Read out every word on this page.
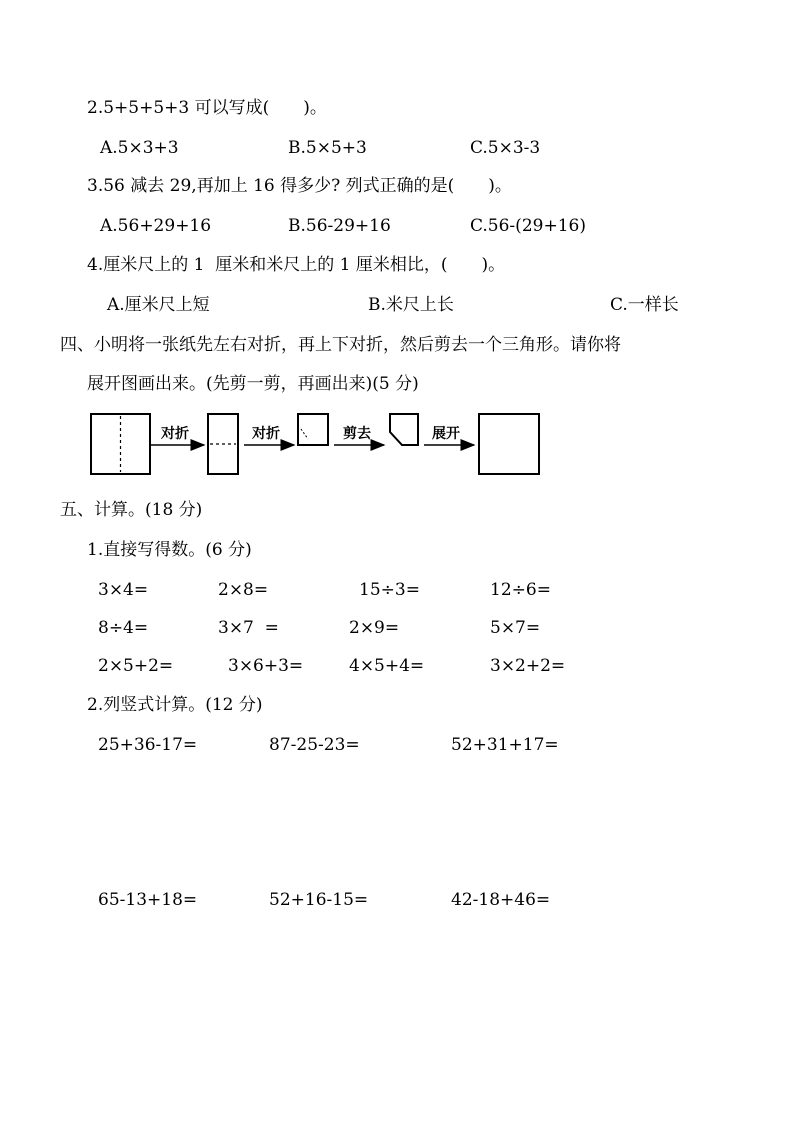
2.5+5+5+3 可以写成(　　)。
A.5×3+3	B.5×5+3	C.5×3-3
3.56 减去 29,再加上 16 得多少? 列式正确的是(　　)。
A.56+29+16	B.56-29+16	C.56-(29+16)
4.厘米尺上的 1  厘米和米尺上的 1 厘米相比，(　　)。
A.厘米尺上短	B.米尺上长	C.一样长
四、小明将一张纸先左右对折，再上下对折，然后剪去一个三角形。请你将
展开图画出来。(先剪一剪，再画出来)(5 分)
对折	对折	剪去	展开
五、计算。(18 分)
1.直接写得数。(6 分)
3×4=	2×8=	15÷3=	12÷6=
8÷4=	3×7  =	2×9=	5×7=
2×5+2=	3×6+3=	4×5+4=	3×2+2=
2.列竖式计算。(12 分)
25+36-17=	87-25-23=	52+31+17=
65-13+18=	52+16-15=	42-18+46=
